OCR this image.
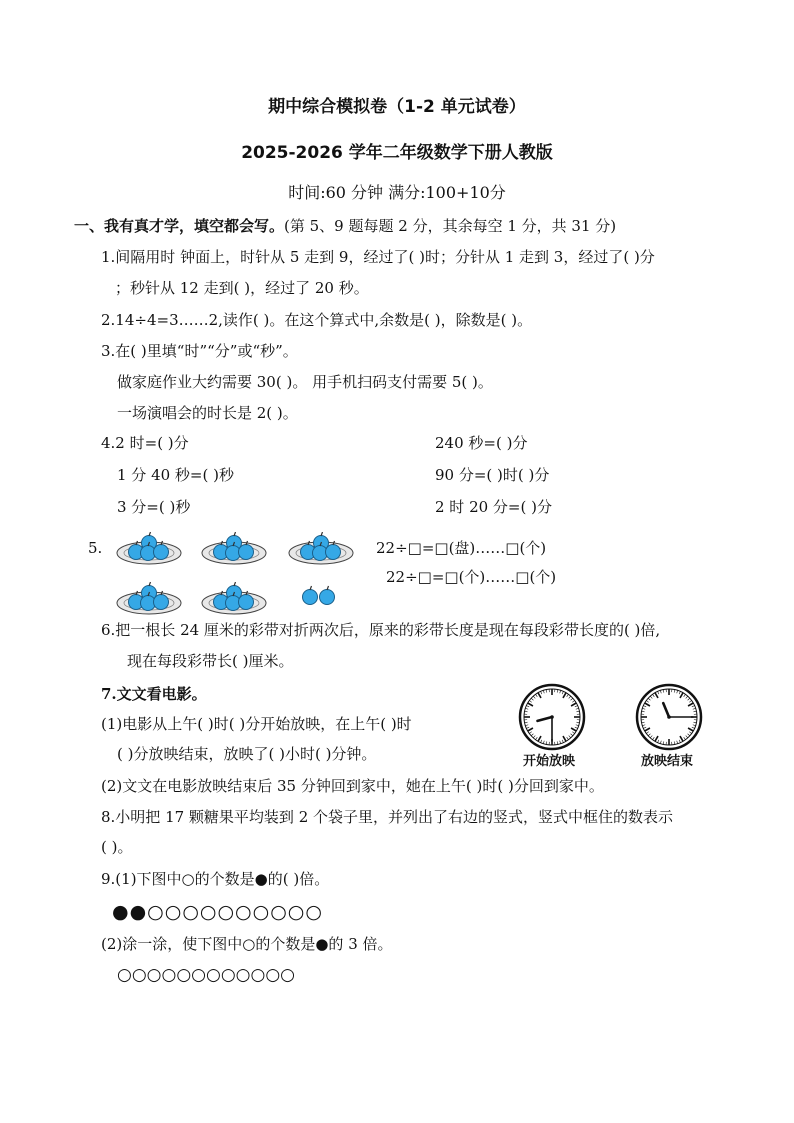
期中综合模拟卷（1-2 单元试卷）
2025-2026 学年二年级数学下册人教版
时间:60 分钟 满分:100+10分
一、我有真才学，填空都会写。(第 5、9 题每题 2 分，其余每空 1 分，共 31 分)
1.间隔用时 钟面上，时针从 5 走到 9，经过了( )时；分针从 1 走到 3，经过了( )分
；秒针从 12 走到( )，经过了 20 秒。
2.14÷4=3……2,读作( )。在这个算式中,余数是( )，除数是( )。
3.在( )里填“时”“分”或“秒”。
做家庭作业大约需要 30( )。 用手机扫码支付需要 5( )。
一场演唱会的时长是 2( )。
4.2 时=( )分	240 秒=( )分
1 分 40 秒=( )秒	90 分=( )时( )分
3 分=( )秒	2 时 20 分=( )分
5.	22÷□=□(盘)……□(个)
22÷□=□(个)……□(个)
6.把一根长 24 厘米的彩带对折两次后，原来的彩带长度是现在每段彩带长度的( )倍,
现在每段彩带长( )厘米。
7.文文看电影。
(1)电影从上午( )时( )分开始放映，在上午( )时
( )分放映结束，放映了( )小时( )分钟。
(2)文文在电影放映结束后 35 分钟回到家中，她在上午( )时( )分回到家中。
开始放映	放映结束
8.小明把 17 颗糖果平均装到 2 个袋子里，并列出了右边的竖式，竖式中框住的数表示
( )。
9.(1)下图中○的个数是●的( )倍。
●●○○○○○○○○○○
(2)涂一涂，使下图中○的个数是●的 3 倍。
○○○○○○○○○○○○
